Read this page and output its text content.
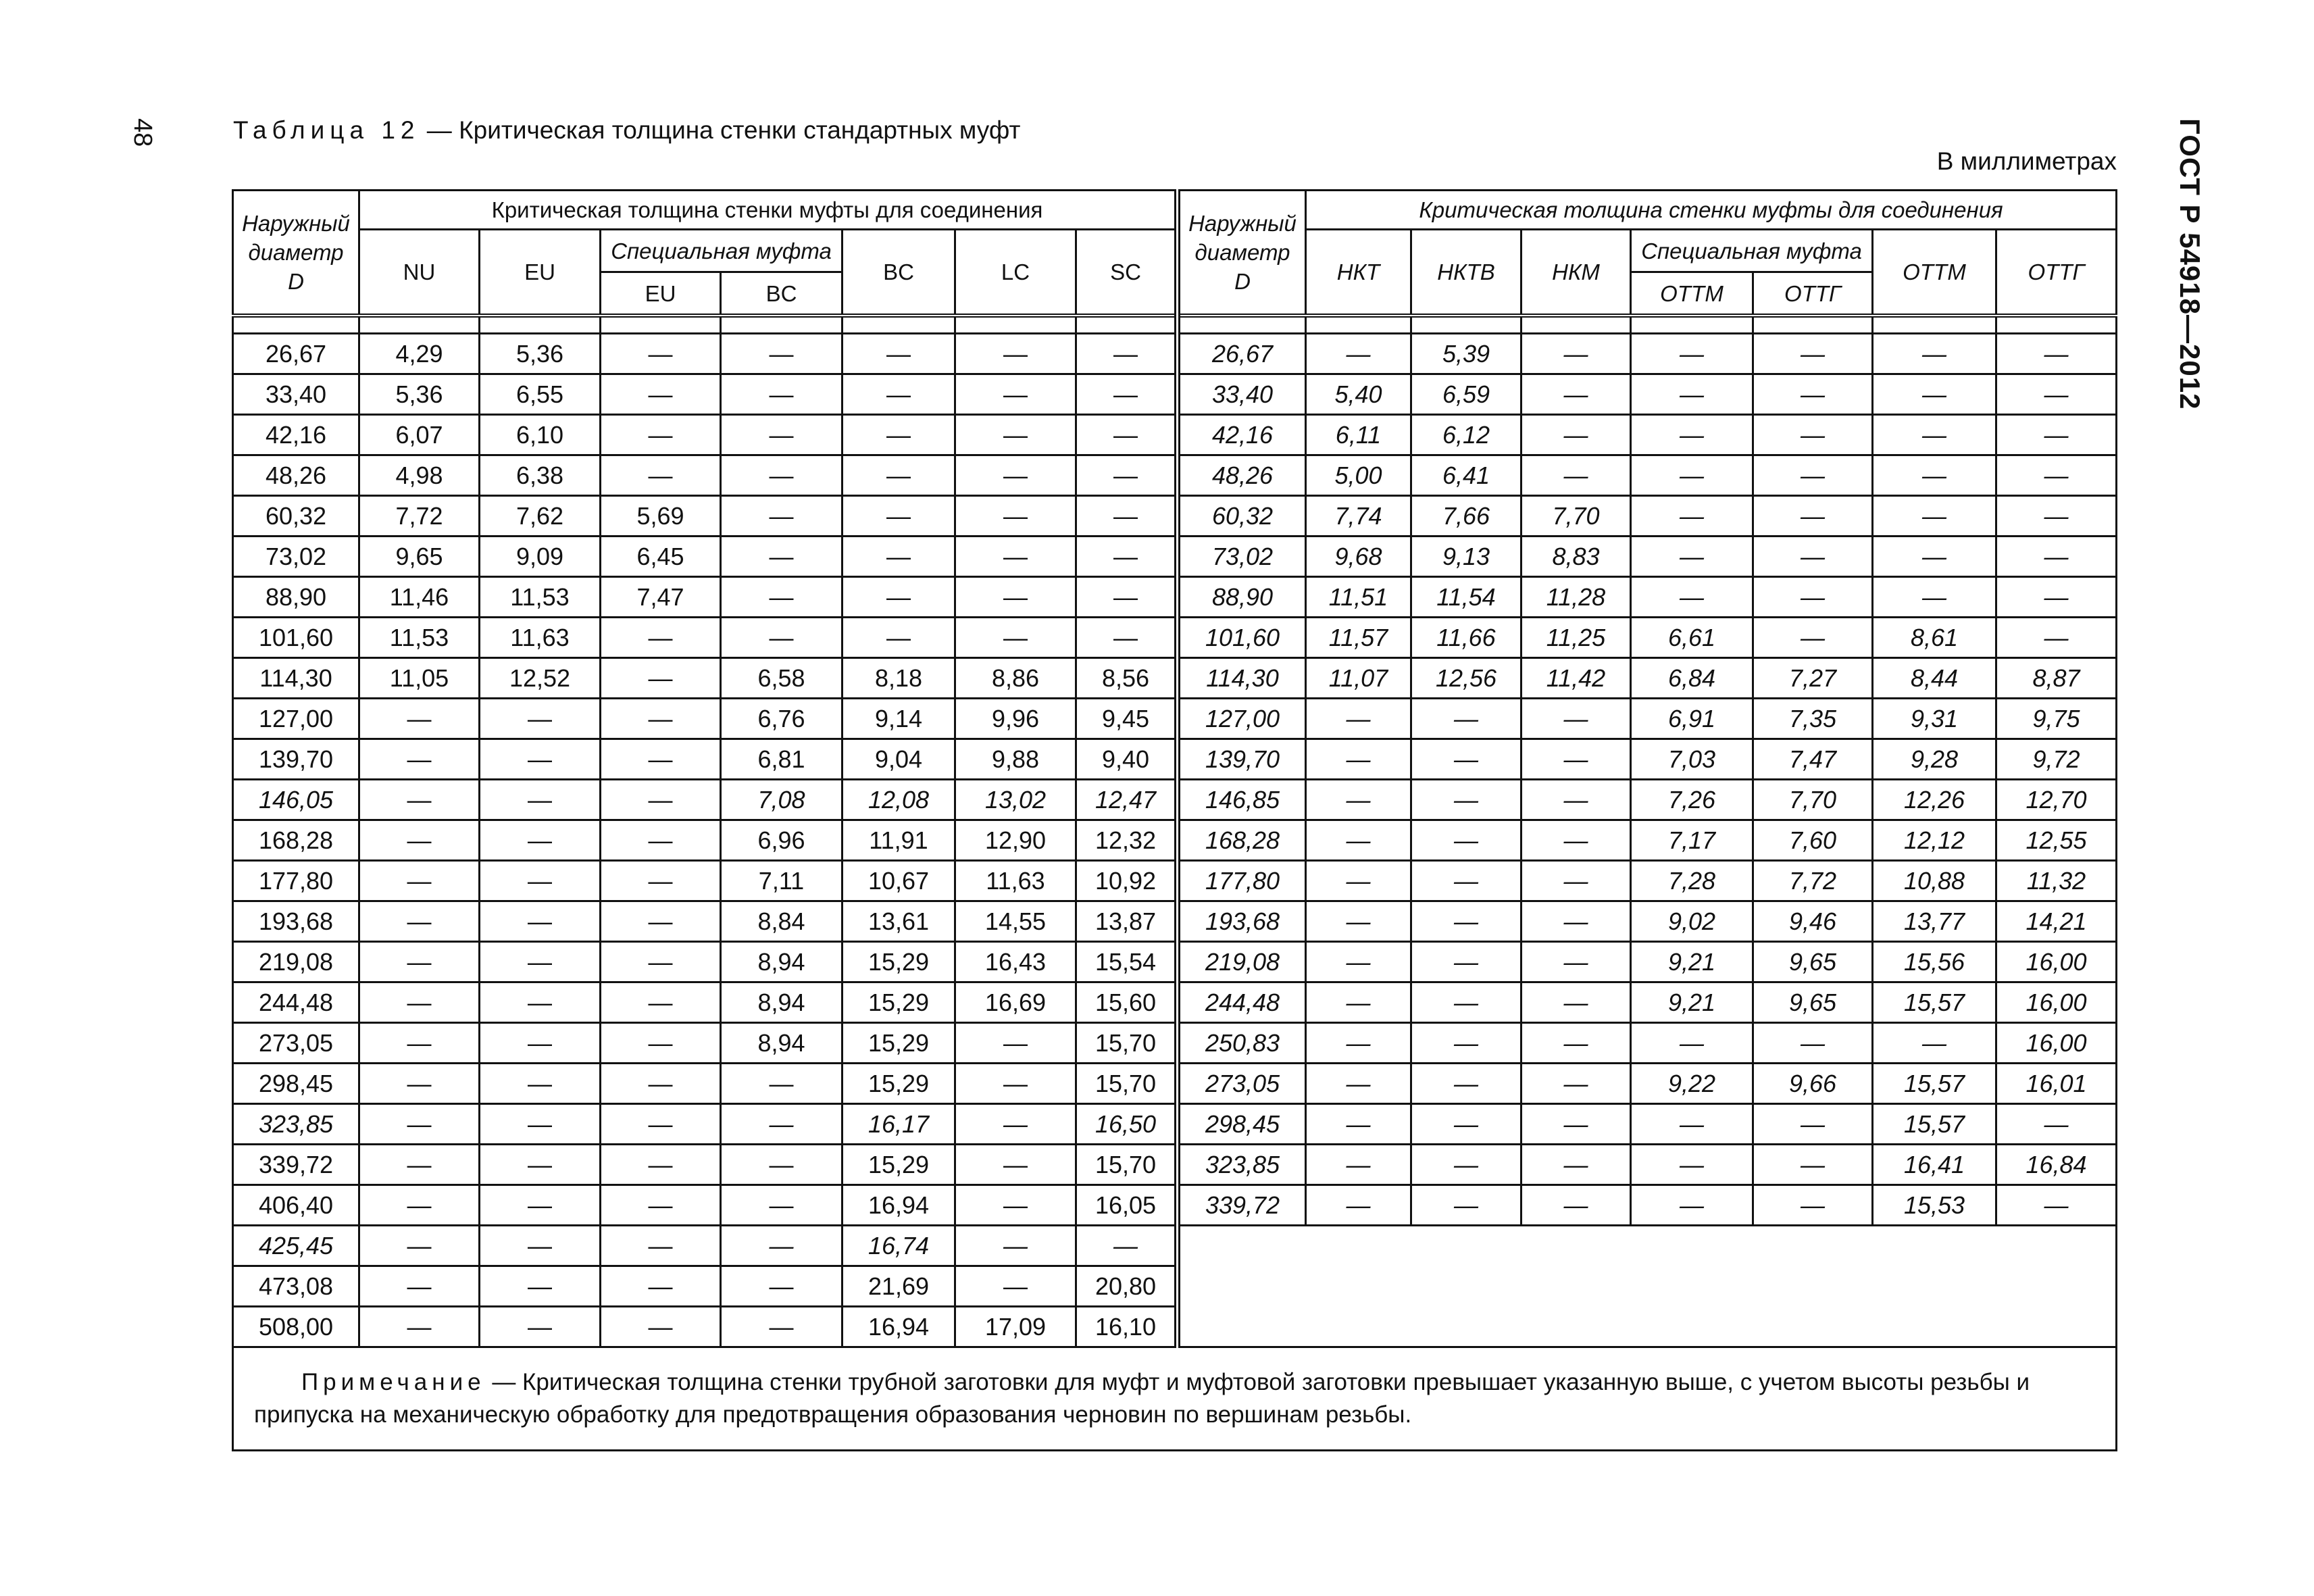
48	ГОСТ Р 54918—2012
Таблица 12 — Критическая толщина стенки стандартных муфт
В миллиметрах
Наружный диаметр D	Критическая толщина стенки муфты для соединения							Наружный диаметр D	Критическая толщина стенки муфты для соединения						
	NU	EU	Специальная муфта		BC	LC	SC		НКТ	НКТВ	НКМ	Специальная муфта		ОТТМ	ОТТГ
			EU	BC								ОТТМ	ОТТГ		

26,67	4,29	5,36	—	—	—	—	—	26,67	—	5,39	—	—	—	—	—
33,40	5,36	6,55	—	—	—	—	—	33,40	5,40	6,59	—	—	—	—	—
42,16	6,07	6,10	—	—	—	—	—	42,16	6,11	6,12	—	—	—	—	—
48,26	4,98	6,38	—	—	—	—	—	48,26	5,00	6,41	—	—	—	—	—
60,32	7,72	7,62	5,69	—	—	—	—	60,32	7,74	7,66	7,70	—	—	—	—
73,02	9,65	9,09	6,45	—	—	—	—	73,02	9,68	9,13	8,83	—	—	—	—
88,90	11,46	11,53	7,47	—	—	—	—	88,90	11,51	11,54	11,28	—	—	—	—
101,60	11,53	11,63	—	—	—	—	—	101,60	11,57	11,66	11,25	6,61	—	8,61	—
114,30	11,05	12,52	—	6,58	8,18	8,86	8,56	114,30	11,07	12,56	11,42	6,84	7,27	8,44	8,87
127,00	—	—	—	6,76	9,14	9,96	9,45	127,00	—	—	—	6,91	7,35	9,31	9,75
139,70	—	—	—	6,81	9,04	9,88	9,40	139,70	—	—	—	7,03	7,47	9,28	9,72
146,05	—	—	—	7,08	12,08	13,02	12,47	146,85	—	—	—	7,26	7,70	12,26	12,70
168,28	—	—	—	6,96	11,91	12,90	12,32	168,28	—	—	—	7,17	7,60	12,12	12,55
177,80	—	—	—	7,11	10,67	11,63	10,92	177,80	—	—	—	7,28	7,72	10,88	11,32
193,68	—	—	—	8,84	13,61	14,55	13,87	193,68	—	—	—	9,02	9,46	13,77	14,21
219,08	—	—	—	8,94	15,29	16,43	15,54	219,08	—	—	—	9,21	9,65	15,56	16,00
244,48	—	—	—	8,94	15,29	16,69	15,60	244,48	—	—	—	9,21	9,65	15,57	16,00
273,05	—	—	—	8,94	15,29	—	15,70	250,83	—	—	—	—	—	—	16,00
298,45	—	—	—	—	15,29	—	15,70	273,05	—	—	—	9,22	9,66	15,57	16,01
323,85	—	—	—	—	16,17	—	16,50	298,45	—	—	—	—	—	15,57	—
339,72	—	—	—	—	15,29	—	15,70	323,85	—	—	—	—	—	16,41	16,84
406,40	—	—	—	—	16,94	—	16,05	339,72	—	—	—	—	—	15,53	—
425,45	—	—	—	—	16,74	—	—								
473,08	—	—	—	—	21,69	—	20,80								
508,00	—	—	—	—	16,94	17,09	16,10								
Примечание — Критическая толщина стенки трубной заготовки для муфт и муфтовой заготовки превышает указанную выше, с учетом высоты резьбы и припуска на механическую обработку для предотвращения образования черновин по вершинам резьбы.															
